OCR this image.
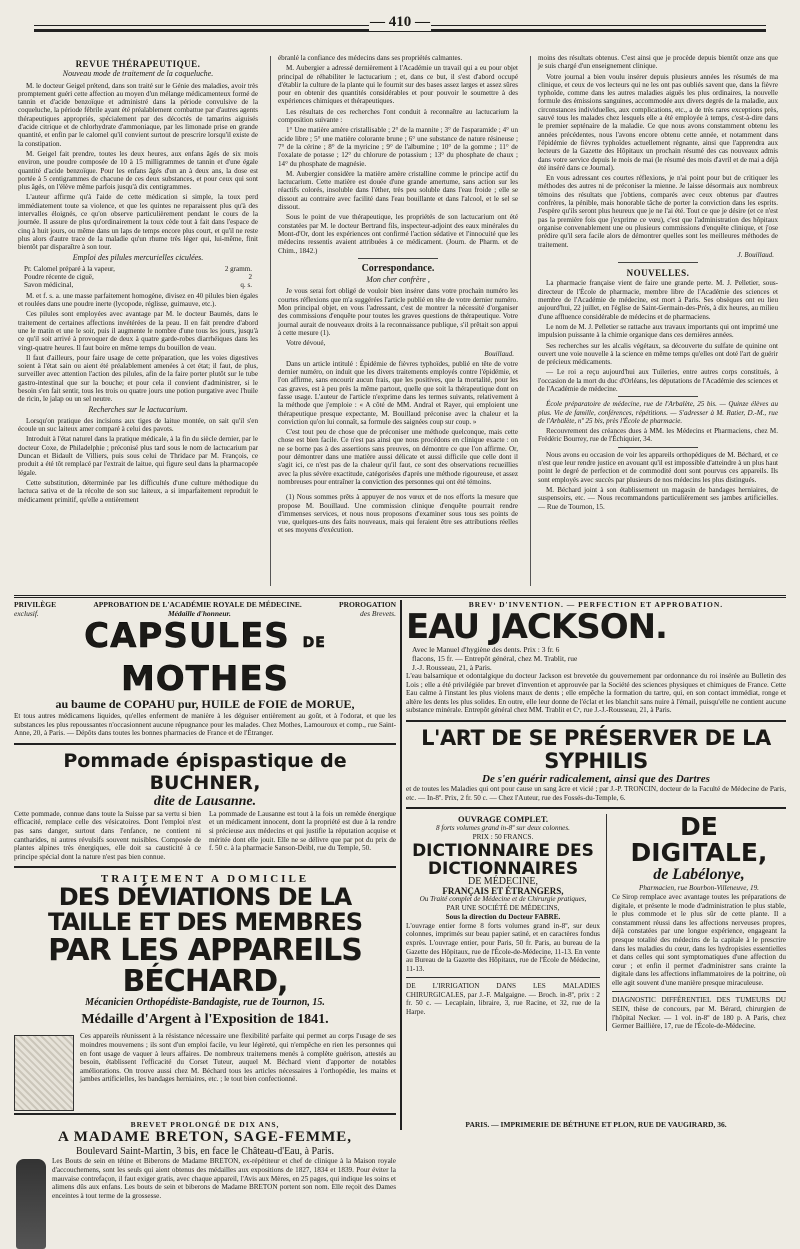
— 410 —
REVUE THÉRAPEUTIQUE.
Nouveau mode de traitement de la coqueluche.

M. le docteur Geigel prétend, dans son traité sur le Génie des maladies, avoir très promptement guéri cette affection au moyen d'un mélange médicamenteux formé de tannin et d'acide benzoïque et administré dans la période convulsive de la coqueluche, la période fébrile ayant été préalablement combattue par d'autres agents thérapeutiques appropriés, spécialement par des décoctés de tamarins aiguisés d'acide citrique et de chlorhydrate d'ammoniaque, par les limonade prise en grande quantité, et enfin par le calomel qu'il convient surtout de prescrire lorsqu'il existe de la constipation.

M. Geigel fait prendre, toutes les deux heures, aux enfans âgés de six mois environ, une poudre composée de 10 à 15 milligrammes de tannin et d'une égale quantité d'acide benzoïque. Pour les enfans âgés d'un an à deux ans, la dose est portée à 5 centigrammes de chacune de ces deux substances, et pour ceux qui sont plus âgés, on l'élève même parfois jusqu'à dix centigrammes.

L'auteur affirme qu'à l'aide de cette médication si simple, la toux perd immédiatement toute sa violence, et que les quintes ne reparaissent plus qu'à des intervalles éloignés, ce qu'on observe particulièrement pendant le cours de la journée. Il assure de plus qu'ordinairement la toux cède tout à fait dans l'espace de cinq à huit jours, ou même dans un laps de temps encore plus court, et qu'il ne reste plus alors d'autre trace de la maladie qu'un rhume très léger qui, lui-même, finit bientôt par disparaître à son tour.

Emploi des pilules mercurielles ciculées.
Pr. Calomel préparé à la vapeur,	2 gramm.
Poudre récente de ciguë,	2
Savon médicinal,	q. s.

M. et f. s. a. une masse parfaitement homogène, divisez en 40 pilules bien égales et roulées dans une poudre inerte (lycopode, réglisse, guimauve, etc.).

Ces pilules sont employées avec avantage par M. le docteur Baumés, dans le traitement de certaines affections invétérées de la peau. Il en fait prendre d'abord une le matin et une le soir, puis il augmente le nombre d'une tous les jours, jusqu'à ce qu'il soit arrivé à provoquer de deux à quatre garde-robes diarrhéiques dans les vingt-quatre heures. Il faut boire en même temps du bouillon de veau.

Il faut d'ailleurs, pour faire usage de cette préparation, que les voies digestives soient à l'état sain ou aient été préalablement amenées à cet état; il faut, de plus, surveiller avec attention l'action des pilules, afin de la faire porter plutôt sur le tube gastro-intestinal que sur la bouche; et pour cela il convient d'administrer, si le besoin s'en fait sentir, tous les trois ou quatre jours une potion purgative avec l'huile de ricin, le jalap ou un sel neutre.

Recherches sur le lactucarium.

Lorsqu'on pratique des incisions aux tiges de laitue montée, on sait qu'il s'en écoule un suc laiteux amer comparé à celui des pavots.

Introduit à l'état naturel dans la pratique médicale, à la fin du siècle dernier, par le docteur Coxe, de Philadelphie ; préconisé plus tard sous le nom de lactucarium par Duncan et Bidault de Villiers, puis sous celui de Thridace par M. François, ce produit a été tôt remplacé par l'extrait de laitue, qui figure seul dans la pharmacopée légale.

Cette substitution, déterminée par les difficultés d'une culture méthodique du lactuca sativa et de la récolte de son suc laiteux, a si imparfaitement reproduit le médicament primitif, qu'elle a entièrement

ébranlé la confiance des médecins dans ses propriétés calmantes.

M. Aubergier a adressé dernièrement à l'Académie un travail qui a eu pour objet principal de réhabiliter le lactucarium ; et, dans ce but, il s'est d'abord occupé d'établir la culture de la plante qui le fournit sur des bases assez larges et assez sûres pour en obtenir des quantités considérables et pour pouvoir le soumettre à des expériences chimiques et thérapeutiques.

Les résultats de ces recherches l'ont conduit à reconnaître au lactucarium la composition suivante :

1° Une matière amère cristallisable ; 2° de la mannite ; 3° de l'asparamide ; 4° un acide libre ; 5° une matière colorante brune ; 6° une substance de nature résineuse ; 7° de la cérine ; 8° de la myricine ; 9° de l'albumine ; 10° de la gomme ; 11° de l'oxalate de potasse ; 12° du chlorure de potassium ; 13° du phosphate de chaux ; 14° du phosphate de magnésie.

M. Aubergier considère la matière amère cristalline comme le principe actif du lactucarium. Cette matière est douée d'une grande amertume, sans action sur les réactifs colorés, insoluble dans l'éther, très peu soluble dans l'eau froide ; elle se dissout au contraire avec facilité dans l'eau bouillante et dans l'alcool, et le sel se dissout.

Sous le point de vue thérapeutique, les propriétés de son lactucarium ont été constatées par M. le docteur Bertrand fils, inspecteur-adjoint des eaux minérales du Mont-d'Or, dont les expériences ont confirmé l'action sédative et l'innocuité que les médecins ressentis avaient attribuées à ce médicament. (Journ. de Pharm. et de Chim., 1842.)

Correspondance.
Mon cher confrère ,

Je vous serai fort obligé de vouloir bien insérer dans votre prochain numéro les courtes réflexions que m'a suggérées l'article publié en tête de votre dernier numéro. Mon principal objet, en vous l'adressant, c'est de montrer la nécessité d'organiser des commissions d'enquête pour toutes les graves questions de thérapeutique. Votre journal aurait de nouveaux droits à la reconnaissance publique, s'il prêtait son appui à cette mesure (1).

Votre dévoué,

Bouillaud.

Dans un article intitulé : Épidémie de fièvres typhoïdes, publié en tête de votre dernier numéro, on induit que les divers traitements employés contre l'épidémie, et l'on affirme, sans encourir aucun frais, que les positives, que la mortalité, pour les cas graves, est à peu près la même partout, quelle que soit la thérapeutique dont on fasse usage. L'auteur de l'article n'exprime dans les termes suivants, relativement à la méthode que j'emploie : « A côté de MM. Andral et Rayer, qui emploient une thérapeutique presque expectante, M. Bouillaud préconise avec la chaleur et la conviction qu'on lui connaît, sa formule des saignées coup sur coup. »

C'est tout peu de chose que de préconiser une méthode quelconque, mais cette chose est bien facile. Ce n'est pas ainsi que nous procédons en clinique exacte : on ne se borne pas à des assertions sans preuves, on démontre ce que l'on affirme. Or, pour démontrer dans une matière aussi délicate et aussi difficile que celle dont il s'agit ici, ce n'est pas de la chaleur qu'il faut, ce sont des observations recueillies avec la plus sévère exactitude, catégorisées d'après une méthode rigoureuse, et assez nombreuses pour entraîner la conviction des personnes qui ont été témoins.

(1) Nous sommes prêts à appuyer de nos vœux et de nos efforts la mesure que propose M. Bouillaud. Une commission clinique d'enquête pourrait rendre d'immenses services, et nous nous proposons d'examiner sous tous ses points de vue, quelques-uns des faits nouveaux, mais qui feraient être ses attributions réelles et ses moyens d'exécution.

moins des résultats obtenus. C'est ainsi que je procède depuis bientôt onze ans que je suis chargé d'un enseignement clinique.

Votre journal a bien voulu insérer depuis plusieurs années les résumés de ma clinique, et ceux de vos lecteurs qui ne les ont pas oubliés savent que, dans la fièvre typhoïde, comme dans les autres maladies aiguës les plus ordinaires, la nouvelle formule des émissions sanguines, accommodée aux divers degrés de la maladie, aux circonstances individuelles, aux complications, etc., a de très rares exceptions près, sauvé tous les malades chez lesquels elle a été employée à temps, c'est-à-dire dans le premier septénaire de la maladie. Ce que nous avons constamment obtenu les années précédentes, nous l'avons encore obtenu cette année, et notamment dans l'épidémie de fièvres typhoïdes actuellement régnante, ainsi que l'apprendra aux lecteurs de la Gazette des Hôpitaux un prochain résumé des cas nouveaux admis dans votre service depuis le mois de mai (le résumé des mois d'avril et de mai a déjà été inséré dans ce Journal).

En vous adressant ces courtes réflexions, je n'ai point pour but de critiquer les méthodes des autres ni de préconiser la mienne. Je laisse désormais aux nombreux témoins des résultats que j'obtiens, comparés avec ceux obtenus par d'autres confrères, la pénible, mais honorable tâche de porter la conviction dans les esprits. J'espère qu'ils seront plus heureux que je ne l'ai été. Tout ce que je désire (et ce n'est pas la première fois que j'exprime ce vœu), c'est que l'administration des hôpitaux organise convenablement une ou plusieurs commissions d'enquête clinique, et j'ose prédire qu'il sera facile alors de démontrer quelles sont les meilleures méthodes de traitement.

J. Bouillaud.
NOUVELLES.

La pharmacie française vient de faire une grande perte. M. J. Pelletier, sous-directeur de l'École de pharmacie, membre libre de l'Académie des sciences et membre de l'Académie de médecine, est mort à Paris. Ses obsèques ont eu lieu aujourd'hui, 22 juillet, en l'église de Saint-Germain-des-Prés, à dix heures, au milieu d'une affluence considérable de médecins et de pharmaciens.

Le nom de M. J. Pelletier se rattache aux travaux importants qui ont imprimé une impulsion puissante à la chimie organique dans ces dernières années.

Ses recherches sur les alcalis végétaux, sa découverte du sulfate de quinine ont ouvert une voie nouvelle à la science en même temps qu'elles ont doté l'art de guérir de précieux médicaments.

— Le roi a reçu aujourd'hui aux Tuileries, entre autres corps constitués, à l'occasion de la mort du duc d'Orléans, les députations de l'Académie des sciences et de l'Académie de médecine.

École préparatoire de médecine, rue de l'Arbalète, 25 bis. — Quinze élèves au plus. Vie de famille, conférences, répétitions. — S'adresser à M. Ratier, D.-M., rue de l'Arbalète, nº 25 bis, près l'École de pharmacie.

Recouvrement des créances dues à MM. les Médecins et Pharmaciens, chez M. Frédéric Bourrey, rue de l'Échiquier, 34.

Nous avons eu occasion de voir les appareils orthopédiques de M. Béchard, et ce n'est que leur rendre justice en avouant qu'il est impossible d'atteindre à un plus haut point le degré de perfection et de commodité dont sont pourvus ces appareils. Ils sont employés avec succès par plusieurs de nos médecins les plus distingués.

M. Béchard joint à son établissement un magasin de bandages herniaires, de suspensoirs, etc. — Nous recommandons particulièrement ses jambes artificielles. — Rue de Tournon, 15.

PRIVILÈGE	APPROBATION DE L'ACADÉMIE ROYALE DE MÉDECINE.	PROROGATION
exclusif.	Médaille d'honneur.	des Brevets.
CAPSULES DE MOTHES
au baume de COPAHU pur, HUILE de FOIE de MORUE,
Et tous autres médicamens liquides, qu'elles enferment de manière à les déguiser entièrement au goût, et à l'odorat, et que les substances les plus repoussantes n'occasionnent aucune répugnance pour les malades. Chez Mothes, Lamouroux et comp., rue Saint-Anne, 20, à Paris. — Dépôts dans toutes les bonnes pharmacies de France et de l'Étranger.
Pommade épispastique de BUCHNER,
dite de Lausanne.
Cette pommade, connue dans toute la Suisse par sa vertu si bien efficacité, remplace celle des vésicatoires. Dont l'emploi n'est pas sans danger, surtout dans l'enfance, ne contient ni cantharides, ni autres révulsifs souvent nuisibles. Composée de plantes alpines très énergiques, elle doit sa causticité à ce principe spécial dont la nature n'est pas bien connue.
La pommade de Lausanne est tout à la fois un remède énergique et un médicament innocent, dont la propriété est due à la rendre si précieuse aux médecins et qui justifie la réputation acquise et méritée dont elle jouit. Elle ne se délivre que par pot du prix de f. 50 c. à la pharmacie Sanson-Deibl, rue du Temple, 50.
TRAITEMENT A DOMICILE
DES DÉVIATIONS DE LA TAILLE ET DES MEMBRES
PAR LES APPAREILS BÉCHARD,
Mécanicien Orthopédiste-Bandagiste, rue de Tournon, 15.
Médaille d'Argent à l'Exposition de 1841.
Ces appareils réunissent à la résistance nécessaire une flexibilité parfaite qui permet au corps l'usage de ses moindres mouvemens ; ils sont d'un emploi facile, vu leur légèreté, qui n'empêche en rien les personnes qui en font usage de vaquer à leurs affaires. De nombreux traitemens menés à complète guérison, attestés au besoin, établissent l'efficacité du Corset Tuteur, auquel M. Béchard vient d'apporter de notables améliorations. On trouve aussi chez M. Béchard tous les articles nécessaires à l'orthopédie, les mains et jambes artificielles, les bandages herniaires, etc. ; le tout bien confectionné.
BREVET PROLONGÉ DE DIX ANS,
A MADAME BRETON, SAGE-FEMME,
Boulevard Saint-Martin, 3 bis, en face le Château-d'Eau, à Paris.
Les Bouts de sein en tétine et Biberons de Madame BRETON, ex-répétiteur et chef de clinique à la Maison royale d'accouchemens, sont les seuls qui aient obtenus des médailles aux expositions de 1827, 1834 et 1839. Pour éviter la mauvaise contrefaçon, il faut exiger gratis, avec chaque appareil, l'Avis aux Mères, en 25 pages, qui indique les soins et alimens dûs aux enfans. Les bouts de sein et biberons de Madame BRETON portent son nom. Elle reçoit des Dames enceintes à tout terme de la grossesse.
BREVᵗ D'INVENTION. — PERFECTION ET APPROBATION.
EAU JACKSON. Avec le Manuel d'hygiène des dents. Prix : 3 fr. 6 flacons, 15 fr. — Entrepôt général, chez M. Trablit, rue J.-J. Rousseau, 21, à Paris.
L'eau balsamique et odontalgique du docteur Jackson est brevetée du gouvernement par ordonnance du roi insérée au Bulletin des Lois ; elle a été privilégiée par brevet d'invention et approuvée par la Société des sciences physiques et chimiques de France. Cette Eau calme à l'instant les plus violens maux de dents ; elle empêche la formation du tartre, qui, en son contact immédiat, ronge et altère les dents les plus solides. En outre, elle leur donne de l'éclat et les blanchit sans nuire à l'émail, puisqu'elle ne contient aucune substance minérale. Entrepôt général chez MM. Trablit et Cᵉ, rue J.-J.-Rousseau, 21, à Paris.
L'ART DE SE PRÉSERVER DE LA SYPHILIS
De s'en guérir radicalement, ainsi que des Dartres
et de toutes les Maladies qui ont pour cause un sang âcre et vicié ; par J.-P. TRONCIN, docteur de la Faculté de Médecine de Paris, etc. — In-8º. Prix, 2 fr. 50 c. — Chez l'Auteur, rue des Fossés-du-Temple, 6.
OUVRAGE COMPLET.
8 forts volumes grand in-8º sur deux colonnes.
PRIX : 50 FRANCS.
DICTIONNAIRE DES DICTIONNAIRES
DE MÉDECINE,
FRANÇAIS ET ÉTRANGERS,
Ou Traité complet de Médecine et de Chirurgie pratiques,
PAR UNE SOCIÉTÉ DE MÉDECINS,
Sous la direction du Docteur FABRE.
L'ouvrage entier forme 8 forts volumes grand in-8º, sur deux colonnes, imprimés sur beau papier satiné, et en caractères fondus exprès. L'ouvrage entier, pour Paris, 50 fr. Paris, au bureau de la Gazette des Hôpitaux, rue de l'École-de-Médecine, 11-13. En vente au Bureau de la Gazette des Hôpitaux, rue de l'École de Médecine, 11-13.
DE L'IRRIGATION DANS LES MALADIES CHIRURGICALES, par J.-F. Malgaigne. — Broch. in-8º, prix : 2 fr. 50 c. — Lecaplain, libraire, 3, rue Racine, et 32, rue de la Harpe.
DE DIGITALE,
de Labélonye,
Pharmacien, rue Bourbon-Villeneuve, 19.
Ce Sirop remplace avec avantage toutes les préparations de digitale, et présente le mode d'administration le plus stable, le plus commode et le plus sûr de cette plante. Il a constamment réussi dans les affections nerveuses propres, déjà constatées par une longue expérience, engageant la presque totalité des médecins de la capitale à le prescrire dans les maladies du cœur, dans les hydropisies essentielles et dans celles qui sont symptomatiques d'une affection du cœur ; et enfin il permet d'administrer sans crainte la digitale dans les affections inflammatoires de la poitrine, où elle agit souvent d'une manière presque miraculeuse.
DIAGNOSTIC DIFFÉRENTIEL DES TUMEURS DU SEIN, thèse de concours, par M. Bérard, chirurgien de l'hôpital Necker. — 1 vol. in-8º de 180 p. A Paris, chez Germer Baillière, 17, rue de l'École-de-Médecine.
PARIS. — IMPRIMERIE DE BÉTHUNE ET PLON, RUE DE VAUGIRARD, 36.
